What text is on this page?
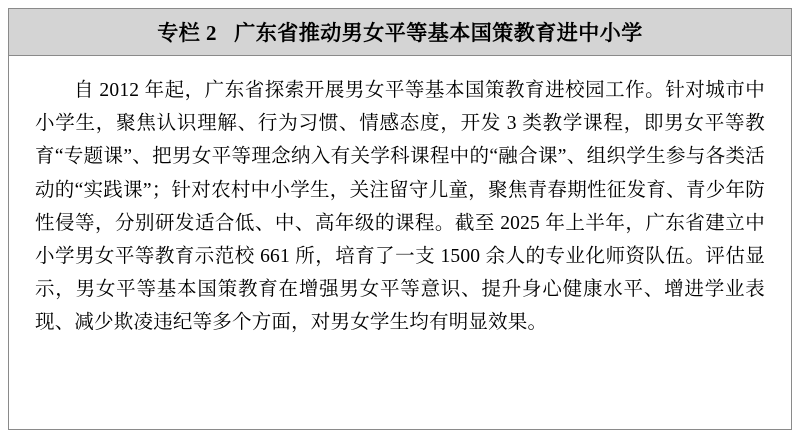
专栏 2   广东省推动男女平等基本国策教育进中小学

自 2012 年起，广东省探索开展男女平等基本国策教育进校园工作。针对城市中小学生，聚焦认识理解、行为习惯、情感态度，开发 3 类教学课程，即男女平等教育“专题课”、把男女平等理念纳入有关学科课程中的“融合课”、组织学生参与各类活动的“实践课”；针对农村中小学生，关注留守儿童，聚焦青春期性征发育、青少年防性侵等，分别研发适合低、中、高年级的课程。截至 2025 年上半年，广东省建立中小学男女平等教育示范校 661 所，培育了一支 1500 余人的专业化师资队伍。评估显示，男女平等基本国策教育在增强男女平等意识、提升身心健康水平、增进学业表现、减少欺凌违纪等多个方面，对男女学生均有明显效果。
